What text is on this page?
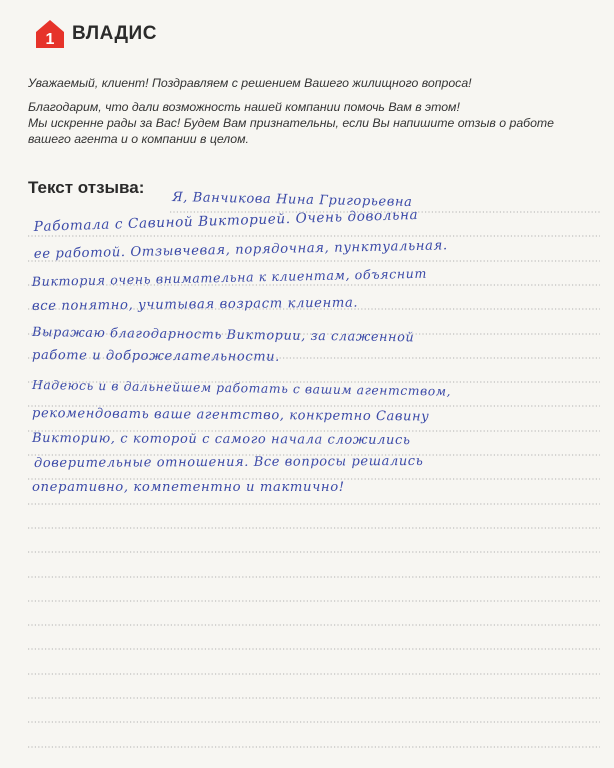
1 ВЛАДИС

Уважаемый, клиент! Поздравляем с решением Вашего жилищного вопроса!

Благодарим, что дали возможность нашей компании помочь Вам в этом!

Мы искренне рады за Вас! Будем Вам признательны, если Вы напишите отзыв о работе

вашего агента и о компании в целом.

Текст отзыва:
Я, Ванчикова Нина Григорьевна
Работала с Савиной Викторией. Очень довольна
ее работой. Отзывчевая, порядочная, пунктуальная.
Виктория очень внимательна к клиентам, объяснит
все понятно, учитывая возраст клиента.
Выражаю благодарность Виктории, за слаженной
работе и доброжелательности.
Надеюсь и в дальнейшем работать с вашим агентством,
рекомендовать ваше агентство, конкретно Савину
Викторию, с которой с самого начала сложились
доверительные отношения. Все вопросы решались
оперативно, компетентно и тактично!
